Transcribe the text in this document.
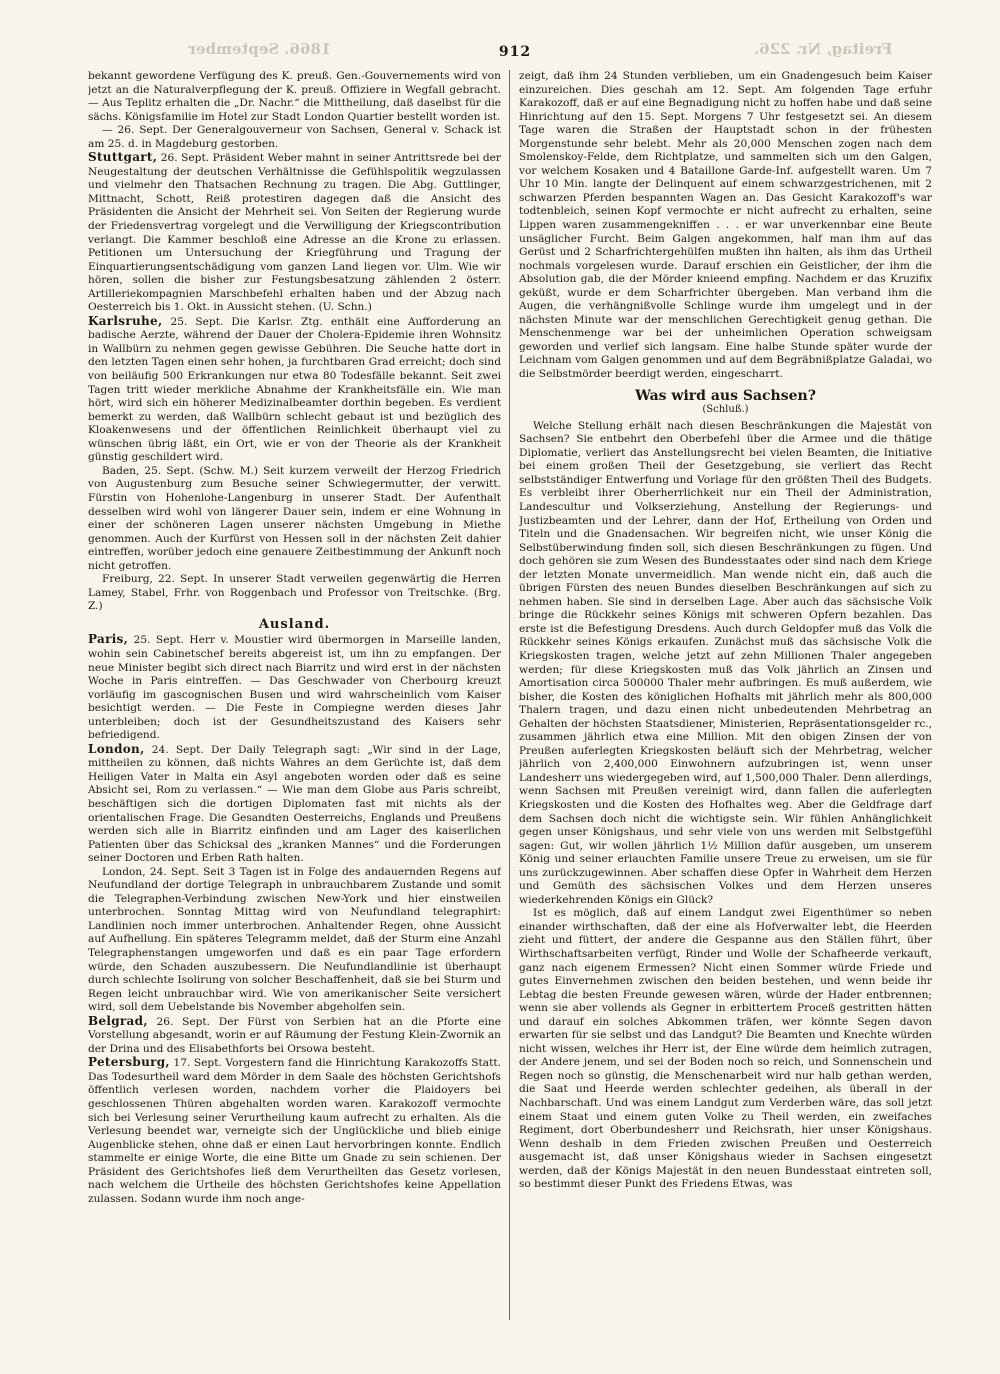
1866. September	Freitag, Nr. 226.
912

bekannt gewordene Verfügung des K. preuß. Gen.-Gouvernements wird von jetzt an die Naturalverpflegung der K. preuß. Offiziere in Wegfall gebracht. — Aus Teplitz erhalten die „Dr. Nachr.“ die Mittheilung, daß daselbst für die sächs. Königsfamilie im Hotel zur Stadt London Quartier bestellt worden ist.

— 26. Sept. Der Generalgouverneur von Sachsen, General v. Schack ist am 25. d. in Magdeburg gestorben.

Stuttgart, 26. Sept. Präsident Weber mahnt in seiner Antrittsrede bei der Neugestaltung der deutschen Verhältnisse die Gefühlspolitik wegzulassen und vielmehr den Thatsachen Rechnung zu tragen. Die Abg. Guttlinger, Mittnacht, Schott, Reiß protestiren dagegen daß die Ansicht des Präsidenten die Ansicht der Mehrheit sei. Von Seiten der Regierung wurde der Friedensvertrag vorgelegt und die Verwilligung der Kriegscontribution verlangt. Die Kammer beschloß eine Adresse an die Krone zu erlassen. Petitionen um Untersuchung der Kriegführung und Tragung der Einquartierungsentschädigung vom ganzen Land liegen vor. Ulm. Wie wir hören, sollen die bisher zur Festungsbesatzung zählenden 2 österr. Artilleriekompagnien Marschbefehl erhalten haben und der Abzug nach Oesterreich bis 1. Okt. in Aussicht stehen. (U. Schn.)

Karlsruhe, 25. Sept. Die Karlsr. Ztg. enthält eine Aufforderung an badische Aerzte, während der Dauer der Cholera-Epidemie ihren Wohnsitz in Wallbürn zu nehmen gegen gewisse Gebühren. Die Seuche hatte dort in den letzten Tagen einen sehr hohen, ja furchtbaren Grad erreicht; doch sind von beiläufig 500 Erkrankungen nur etwa 80 Todesfälle bekannt. Seit zwei Tagen tritt wieder merkliche Abnahme der Krankheitsfälle ein. Wie man hört, wird sich ein höherer Medizinalbeamter dorthin begeben. Es verdient bemerkt zu werden, daß Wallbürn schlecht gebaut ist und bezüglich des Kloakenwesens und der öffentlichen Reinlichkeit überhaupt viel zu wünschen übrig läßt, ein Ort, wie er von der Theorie als der Krankheit günstig geschildert wird.

Baden, 25. Sept. (Schw. M.) Seit kurzem verweilt der Herzog Friedrich von Augustenburg zum Besuche seiner Schwiegermutter, der verwitt. Fürstin von Hohenlohe-Langenburg in unserer Stadt. Der Aufenthalt desselben wird wohl von längerer Dauer sein, indem er eine Wohnung in einer der schöneren Lagen unserer nächsten Umgebung in Miethe genommen. Auch der Kurfürst von Hessen soll in der nächsten Zeit dahier eintreffen, worüber jedoch eine genauere Zeitbestimmung der Ankunft noch nicht getroffen.

Freiburg, 22. Sept. In unserer Stadt verweilen gegenwärtig die Herren Lamey, Stabel, Frhr. von Roggenbach und Professor von Treitschke. (Brg. Z.)

Ausland.

Paris, 25. Sept. Herr v. Moustier wird übermorgen in Marseille landen, wohin sein Cabinetschef bereits abgereist ist, um ihn zu empfangen. Der neue Minister begibt sich direct nach Biarritz und wird erst in der nächsten Woche in Paris eintreffen. — Das Geschwader von Cherbourg kreuzt vorläufig im gascognischen Busen und wird wahrscheinlich vom Kaiser besichtigt werden. — Die Feste in Compiegne werden dieses Jahr unterbleiben; doch ist der Gesundheitszustand des Kaisers sehr befriedigend.

London, 24. Sept. Der Daily Telegraph sagt: „Wir sind in der Lage, mittheilen zu können, daß nichts Wahres an dem Gerüchte ist, daß dem Heiligen Vater in Malta ein Asyl angeboten worden oder daß es seine Absicht sei, Rom zu verlassen.“ — Wie man dem Globe aus Paris schreibt, beschäftigen sich die dortigen Diplomaten fast mit nichts als der orientalischen Frage. Die Gesandten Oesterreichs, Englands und Preußens werden sich alle in Biarritz einfinden und am Lager des kaiserlichen Patienten über das Schicksal des „kranken Mannes“ und die Forderungen seiner Doctoren und Erben Rath halten.

London, 24. Sept. Seit 3 Tagen ist in Folge des andauernden Regens auf Neufundland der dortige Telegraph in unbrauchbarem Zustande und somit die Telegraphen-Verbindung zwischen New-York und hier einstweilen unterbrochen. Sonntag Mittag wird von Neufundland telegraphirt: Landlinien noch immer unterbrochen. Anhaltender Regen, ohne Aussicht auf Aufhellung. Ein späteres Telegramm meldet, daß der Sturm eine Anzahl Telegraphenstangen umgeworfen und daß es ein paar Tage erfordern würde, den Schaden auszubessern. Die Neufundlandlinie ist überhaupt durch schlechte Isolirung von solcher Beschaffenheit, daß sie bei Sturm und Regen leicht unbrauchbar wird. Wie von amerikanischer Seite versichert wird, soll dem Uebelstande bis November abgeholfen sein.

Belgrad, 26. Sept. Der Fürst von Serbien hat an die Pforte eine Vorstellung abgesandt, worin er auf Räumung der Festung Klein-Zwornik an der Drina und des Elisabethforts bei Orsowa besteht.

Petersburg, 17. Sept. Vorgestern fand die Hinrichtung Karakozoffs Statt. Das Todesurtheil ward dem Mörder in dem Saale des höchsten Gerichtshofs öffentlich verlesen worden, nachdem vorher die Plaidoyers bei geschlossenen Thüren abgehalten worden waren. Karakozoff vermochte sich bei Verlesung seiner Verurtheilung kaum aufrecht zu erhalten. Als die Verlesung beendet war, verneigte sich der Unglückliche und blieb einige Augenblicke stehen, ohne daß er einen Laut hervorbringen konnte. Endlich stammelte er einige Worte, die eine Bitte um Gnade zu sein schienen. Der Präsident des Gerichtshofes ließ dem Verurtheilten das Gesetz vorlesen, nach welchem die Urtheile des höchsten Gerichtshofes keine Appellation zulassen. Sodann wurde ihm noch ange-

zeigt, daß ihm 24 Stunden verblieben, um ein Gnadengesuch beim Kaiser einzureichen. Dies geschah am 12. Sept. Am folgenden Tage erfuhr Karakozoff, daß er auf eine Begnadigung nicht zu hoffen habe und daß seine Hinrichtung auf den 15. Sept. Morgens 7 Uhr festgesetzt sei. An diesem Tage waren die Straßen der Hauptstadt schon in der frühesten Morgenstunde sehr belebt. Mehr als 20,000 Menschen zogen nach dem Smolenskoy-Felde, dem Richtplatze, und sammelten sich um den Galgen, vor welchem Kosaken und 4 Bataillone Garde-Inf. aufgestellt waren. Um 7 Uhr 10 Min. langte der Delinquent auf einem schwarzgestrichenen, mit 2 schwarzen Pferden bespannten Wagen an. Das Gesicht Karakozoff's war todtenbleich, seinen Kopf vermochte er nicht aufrecht zu erhalten, seine Lippen waren zusammengekniffen . . . er war unverkennbar eine Beute unsäglicher Furcht. Beim Galgen angekommen, half man ihm auf das Gerüst und 2 Scharfrichtergehülfen mußten ihn halten, als ihm das Urtheil nochmals vorgelesen wurde. Darauf erschien ein Geistlicher, der ihm die Absolution gab, die der Mörder knieend empfing. Nachdem er das Kruzifix geküßt, wurde er dem Scharfrichter übergeben. Man verband ihm die Augen, die verhängnißvolle Schlinge wurde ihm umgelegt und in der nächsten Minute war der menschlichen Gerechtigkeit genug gethan. Die Menschenmenge war bei der unheimlichen Operation schweigsam geworden und verlief sich langsam. Eine halbe Stunde später wurde der Leichnam vom Galgen genommen und auf dem Begräbnißplatze Galadai, wo die Selbstmörder beerdigt werden, eingescharrt.

Was wird aus Sachsen?
(Schluß.)

Welche Stellung erhält nach diesen Beschränkungen die Majestät von Sachsen? Sie entbehrt den Oberbefehl über die Armee und die thätige Diplomatie, verliert das Anstellungsrecht bei vielen Beamten, die Initiative bei einem großen Theil der Gesetzgebung, sie verliert das Recht selbstständiger Entwerfung und Vorlage für den größten Theil des Budgets. Es verbleibt ihrer Oberherrlichkeit nur ein Theil der Administration, Landescultur und Volkserziehung, Anstellung der Regierungs- und Justizbeamten und der Lehrer, dann der Hof, Ertheilung von Orden und Titeln und die Gnadensachen. Wir begreifen nicht, wie unser König die Selbstüberwindung finden soll, sich diesen Beschränkungen zu fügen. Und doch gehören sie zum Wesen des Bundesstaates oder sind nach dem Kriege der letzten Monate unvermeidlich. Man wende nicht ein, daß auch die übrigen Fürsten des neuen Bundes dieselben Beschränkungen auf sich zu nehmen haben. Sie sind in derselben Lage. Aber auch das sächsische Volk bringe die Rückkehr seines Königs mit schweren Opfern bezahlen. Das erste ist die Befestigung Dresdens. Auch durch Geldopfer muß das Volk die Rückkehr seines Königs erkaufen. Zunächst muß das sächsische Volk die Kriegskosten tragen, welche jetzt auf zehn Millionen Thaler angegeben werden; für diese Kriegskosten muß das Volk jährlich an Zinsen und Amortisation circa 500000 Thaler mehr aufbringen. Es muß außerdem, wie bisher, die Kosten des königlichen Hofhalts mit jährlich mehr als 800,000 Thalern tragen, und dazu einen nicht unbedeutenden Mehrbetrag an Gehalten der höchsten Staatsdiener, Ministerien, Repräsentationsgelder rc., zusammen jährlich etwa eine Million. Mit den obigen Zinsen der von Preußen auferlegten Kriegskosten beläuft sich der Mehrbetrag, welcher jährlich von 2,400,000 Einwohnern aufzubringen ist, wenn unser Landesherr uns wiedergegeben wird, auf 1,500,000 Thaler. Denn allerdings, wenn Sachsen mit Preußen vereinigt wird, dann fallen die auferlegten Kriegskosten und die Kosten des Hofhaltes weg. Aber die Geldfrage darf dem Sachsen doch nicht die wichtigste sein. Wir fühlen Anhänglichkeit gegen unser Königshaus, und sehr viele von uns werden mit Selbstgefühl sagen: Gut, wir wollen jährlich 1½ Million dafür ausgeben, um unserem König und seiner erlauchten Familie unsere Treue zu erweisen, um sie für uns zurückzugewinnen. Aber schaffen diese Opfer in Wahrheit dem Herzen und Gemüth des sächsischen Volkes und dem Herzen unseres wiederkehrenden Königs ein Glück?

Ist es möglich, daß auf einem Landgut zwei Eigenthümer so neben einander wirthschaften, daß der eine als Hofverwalter lebt, die Heerden zieht und füttert, der andere die Gespanne aus den Ställen führt, über Wirthschaftsarbeiten verfügt, Rinder und Wolle der Schafheerde verkauft, ganz nach eigenem Ermessen? Nicht einen Sommer würde Friede und gutes Einvernehmen zwischen den beiden bestehen, und wenn beide ihr Lebtag die besten Freunde gewesen wären, würde der Hader entbrennen; wenn sie aber vollends als Gegner in erbittertem Proceß gestritten hätten und darauf ein solches Abkommen träfen, wer könnte Segen davon erwarten für sie selbst und das Landgut? Die Beamten und Knechte würden nicht wissen, welches ihr Herr ist, der Eine würde dem heimlich zutragen, der Andere jenem, und sei der Boden noch so reich, und Sonnenschein und Regen noch so günstig, die Menschenarbeit wird nur halb gethan werden, die Saat und Heerde werden schlechter gedeihen, als überall in der Nachbarschaft. Und was einem Landgut zum Verderben wäre, das soll jetzt einem Staat und einem guten Volke zu Theil werden, ein zweifaches Regiment, dort Oberbundesherr und Reichsrath, hier unser Königshaus. Wenn deshalb in dem Frieden zwischen Preußen und Oesterreich ausgemacht ist, daß unser Königshaus wieder in Sachsen eingesetzt werden, daß der Königs Majestät in den neuen Bundesstaat eintreten soll, so bestimmt dieser Punkt des Friedens Etwas, was
